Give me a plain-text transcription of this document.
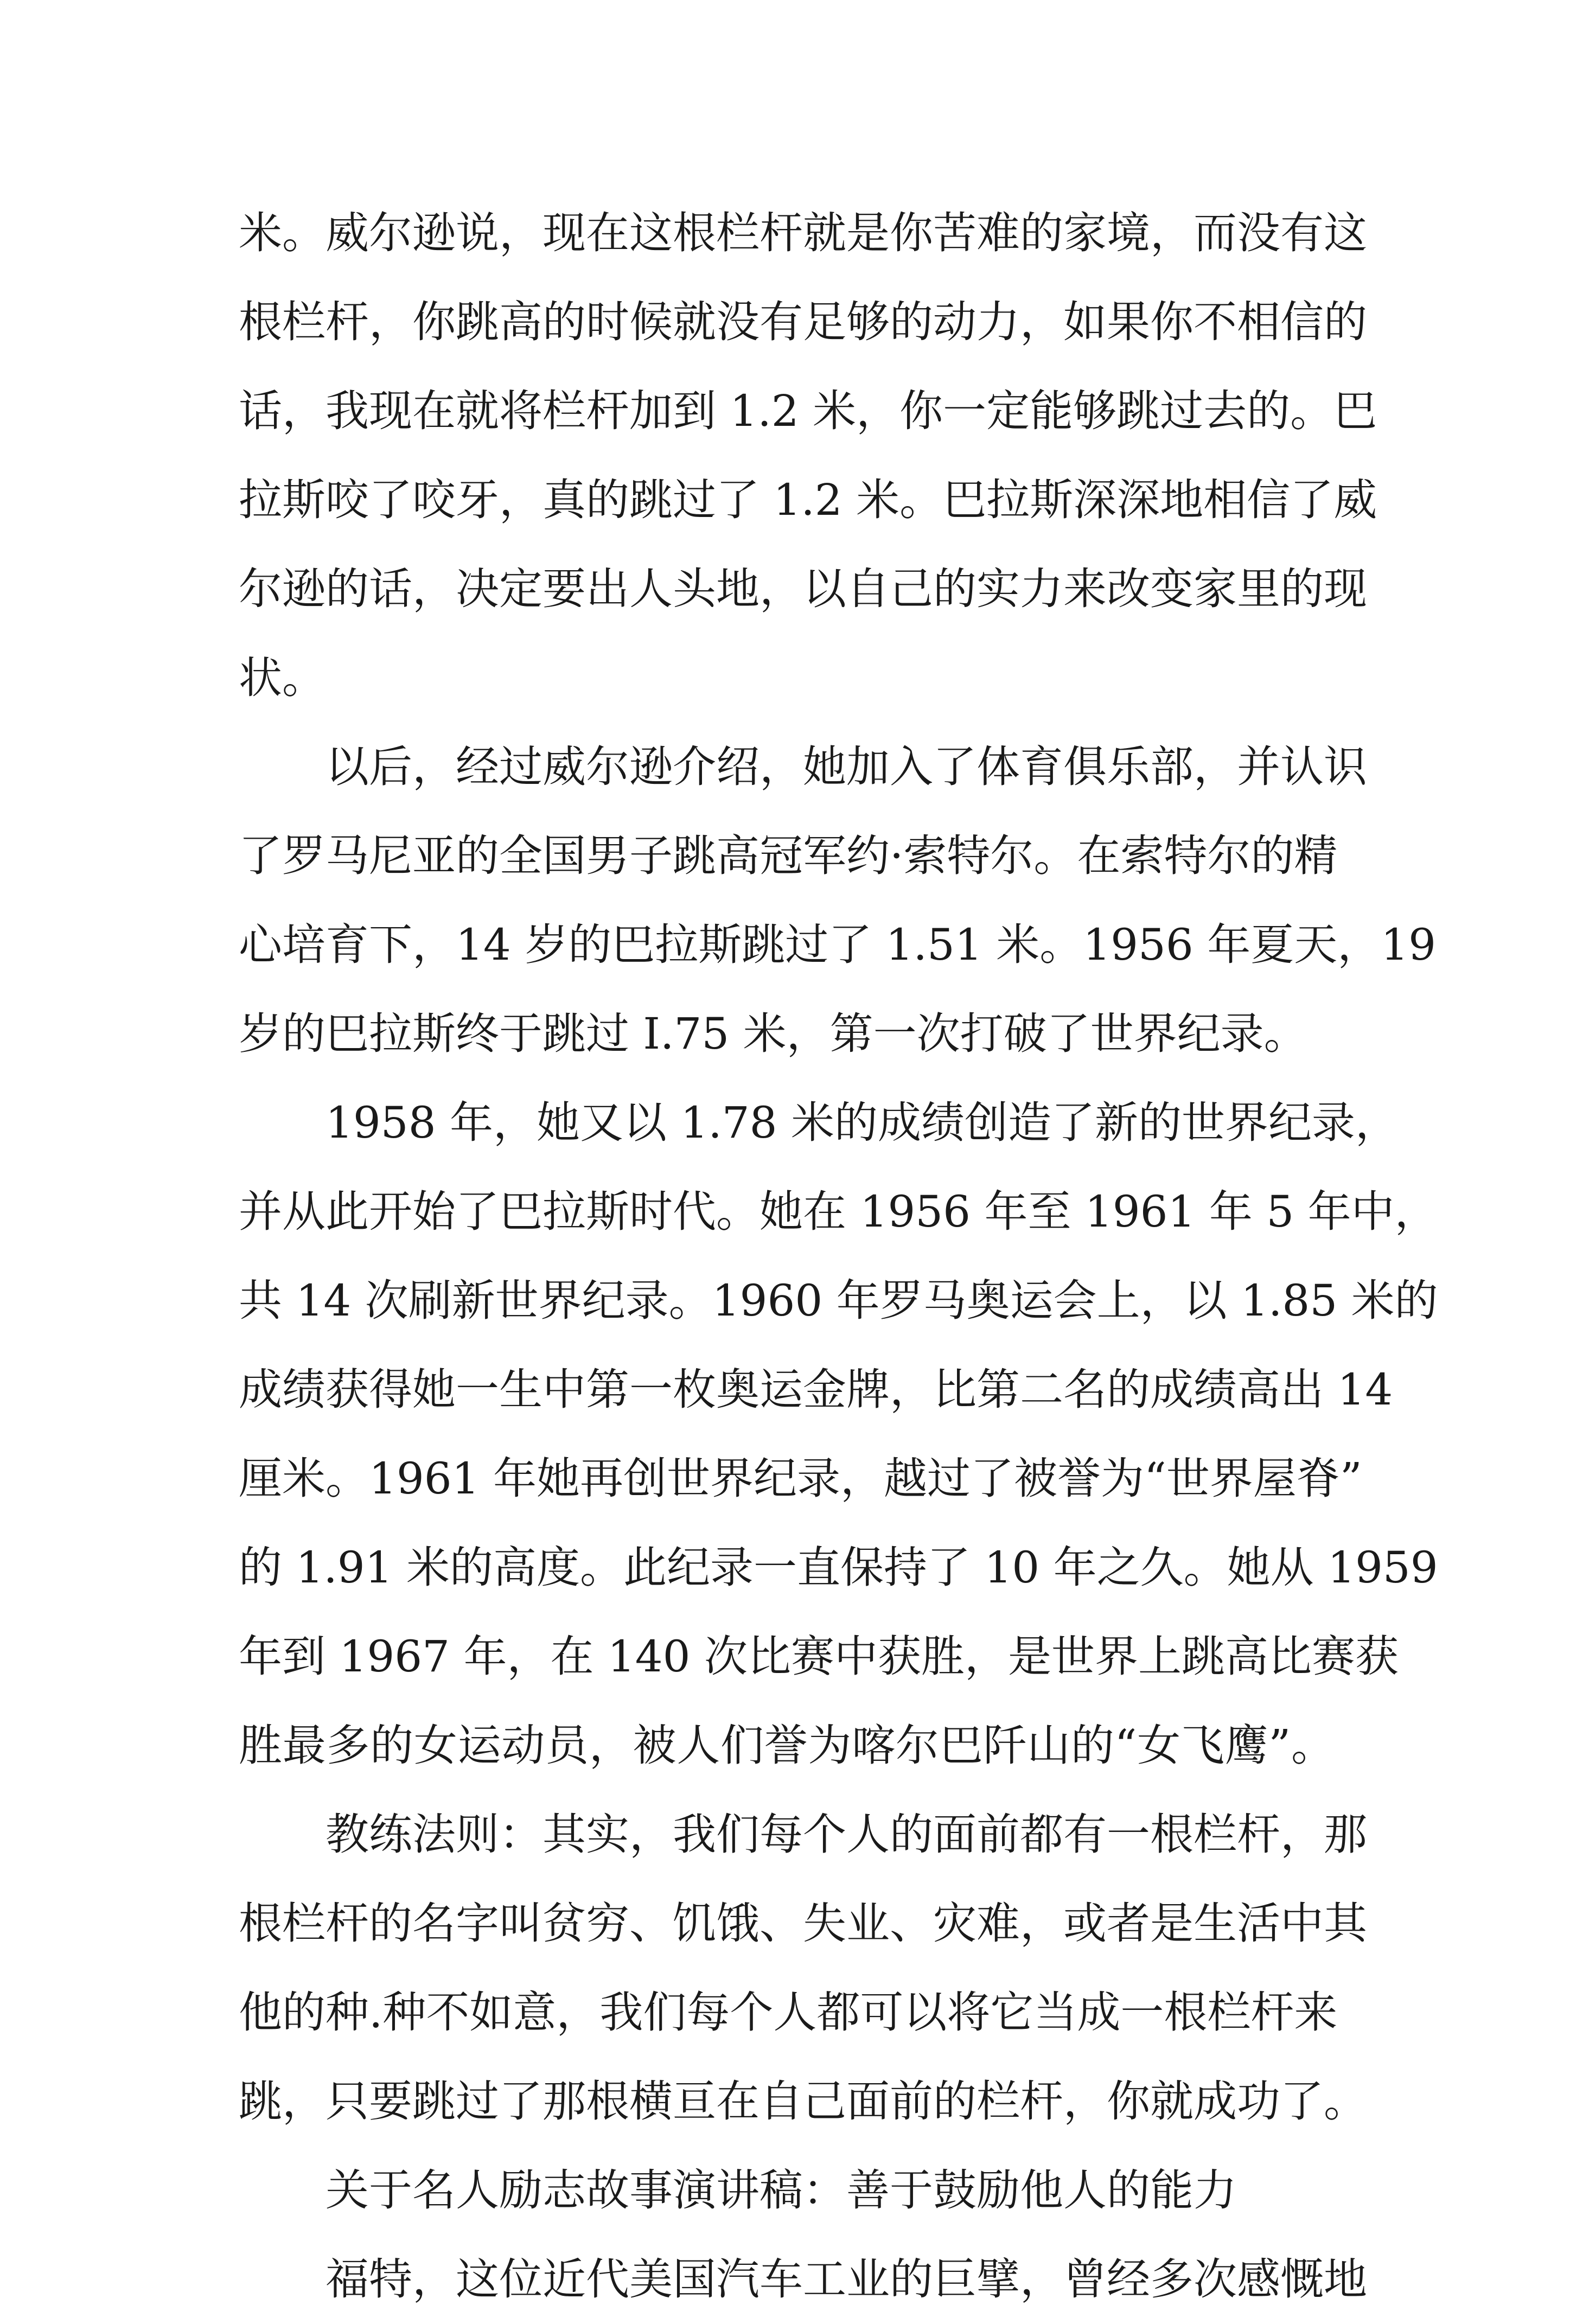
米。威尔逊说，现在这根栏杆就是你苦难的家境，而没有这
根栏杆，你跳高的时候就没有足够的动力，如果你不相信的
话，我现在就将栏杆加到 1.2 米，你一定能够跳过去的。巴
拉斯咬了咬牙，真的跳过了 1.2 米。巴拉斯深深地相信了威
尔逊的话，决定要出人头地，以自己的实力来改变家里的现
状。
以后，经过威尔逊介绍，她加入了体育俱乐部，并认识
了罗马尼亚的全国男子跳高冠军约·索特尔。在索特尔的精
心培育下，14 岁的巴拉斯跳过了 1.51 米。1956 年夏天，19
岁的巴拉斯终于跳过 I.75 米，第一次打破了世界纪录。
1958 年，她又以 1.78 米的成绩创造了新的世界纪录，
并从此开始了巴拉斯时代。她在 1956 年至 1961 年 5 年中，
共 14 次刷新世界纪录。1960 年罗马奥运会上，以 1.85 米的
成绩获得她一生中第一枚奥运金牌，比第二名的成绩高出 14
厘米。1961 年她再创世界纪录，越过了被誉为“世界屋脊”
的 1.91 米的高度。此纪录一直保持了 10 年之久。她从 1959
年到 1967 年，在 140 次比赛中获胜，是世界上跳高比赛获
胜最多的女运动员，被人们誉为喀尔巴阡山的“女飞鹰”。
教练法则：其实，我们每个人的面前都有一根栏杆，那
根栏杆的名字叫贫穷、饥饿、失业、灾难，或者是生活中其
他的种.种不如意，我们每个人都可以将它当成一根栏杆来
跳，只要跳过了那根横亘在自己面前的栏杆，你就成功了。
关于名人励志故事演讲稿：善于鼓励他人的能力
福特，这位近代美国汽车工业的巨擘，曾经多次感慨地
